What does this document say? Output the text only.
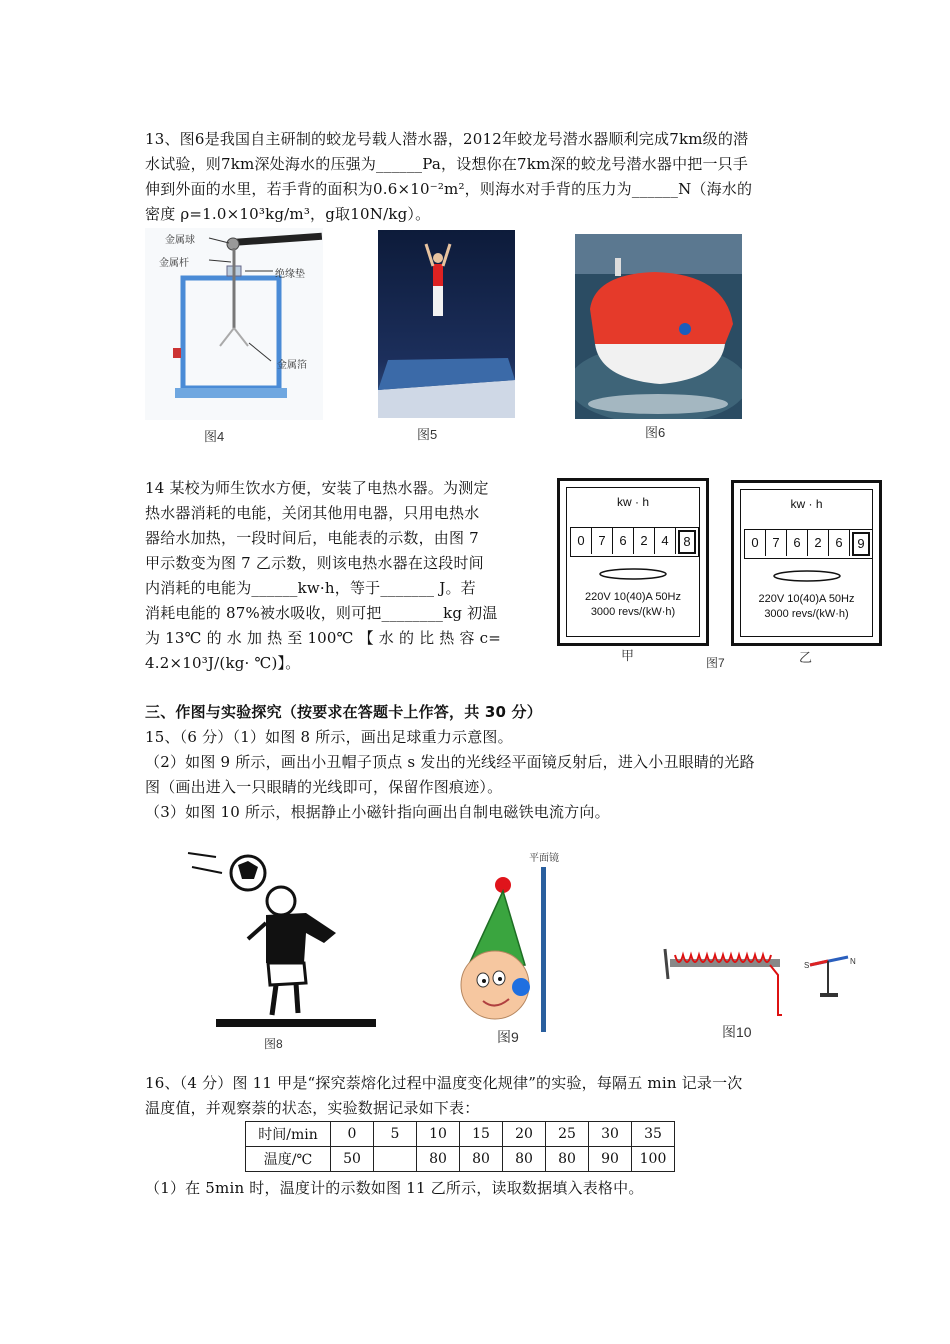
13、图6是我国自主研制的蛟龙号载人潜水器，2012年蛟龙号潜水器顺利完成7km级的潜
水试验，则7km深处海水的压强为______Pa，设想你在7km深的蛟龙号潜水器中把一只手
伸到外面的水里，若手背的面积为0.6×10⁻²m²，则海水对手背的压力为______N（海水的
密度 ρ=1.0×10³kg/m³，g取10N/kg）。
金属球
金属杆
绝缘垫
金属箔
图4	图5	图6
14 某校为师生饮水方便，安装了电热水器。为测定
热水器消耗的电能，关闭其他用电器，只用电热水
器给水加热，一段时间后，电能表的示数，由图 7
甲示数变为图 7 乙示数，则该电热水器在这段时间
内消耗的电能为______kw·h，等于_______ J。若
消耗电能的 87%被水吸收，则可把________kg 初温
为 13℃ 的 水 加 热 至 100℃ 【 水 的 比 热 容 c=
4.2×10³J/(kg· ℃)】。
kw · h
0	7	6	2	4	8
220V 10(40)A 50Hz
3000 revs/(kW·h)
甲	图7
kw · h
0	7	6	2	6	9
220V 10(40)A 50Hz
3000 revs/(kW·h)
乙
三、作图与实验探究（按要求在答题卡上作答，共 30 分）
15、（6 分）（1）如图 8 所示，画出足球重力示意图。
（2）如图 9 所示，画出小丑帽子顶点 s 发出的光线经平面镜反射后，进入小丑眼睛的光路
图（画出进入一只眼睛的光线即可，保留作图痕迹）。
（3）如图 10 所示，根据静止小磁针指向画出自制电磁铁电流方向。
图8
平面镜
图9
S	N
图10
16、（4 分）图 11 甲是“探究萘熔化过程中温度变化规律”的实验，每隔五 min 记录一次
温度值，并观察萘的状态，实验数据记录如下表：
时间/min	0	5	10	15	20	25	30	35
温度/℃	50		80	80	80	80	90	100
（1）在 5min 时，温度计的示数如图 11 乙所示，读取数据填入表格中。
